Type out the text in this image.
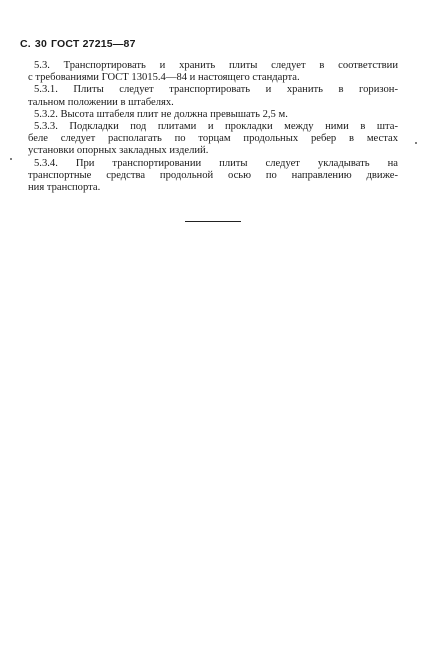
С. 30 ГОСТ 27215—87

5.3. Транспортировать и хранить плиты следует в соответствии
с требованиями ГОСТ 13015.4—84 и настоящего стандарта.

5.3.1. Плиты следует транспортировать и хранить в горизон-
тальном положении в штабелях.

5.3.2. Высота штабеля плит не должна превышать 2,5 м.

5.3.3. Подкладки под плитами и прокладки между ними в шта-
беле следует располагать по торцам продольных ребер в местах
установки опорных закладных изделий.

5.3.4. При транспортировании плиты следует укладывать на
транспортные средства продольной осью по направлению движе-
ния транспорта.
